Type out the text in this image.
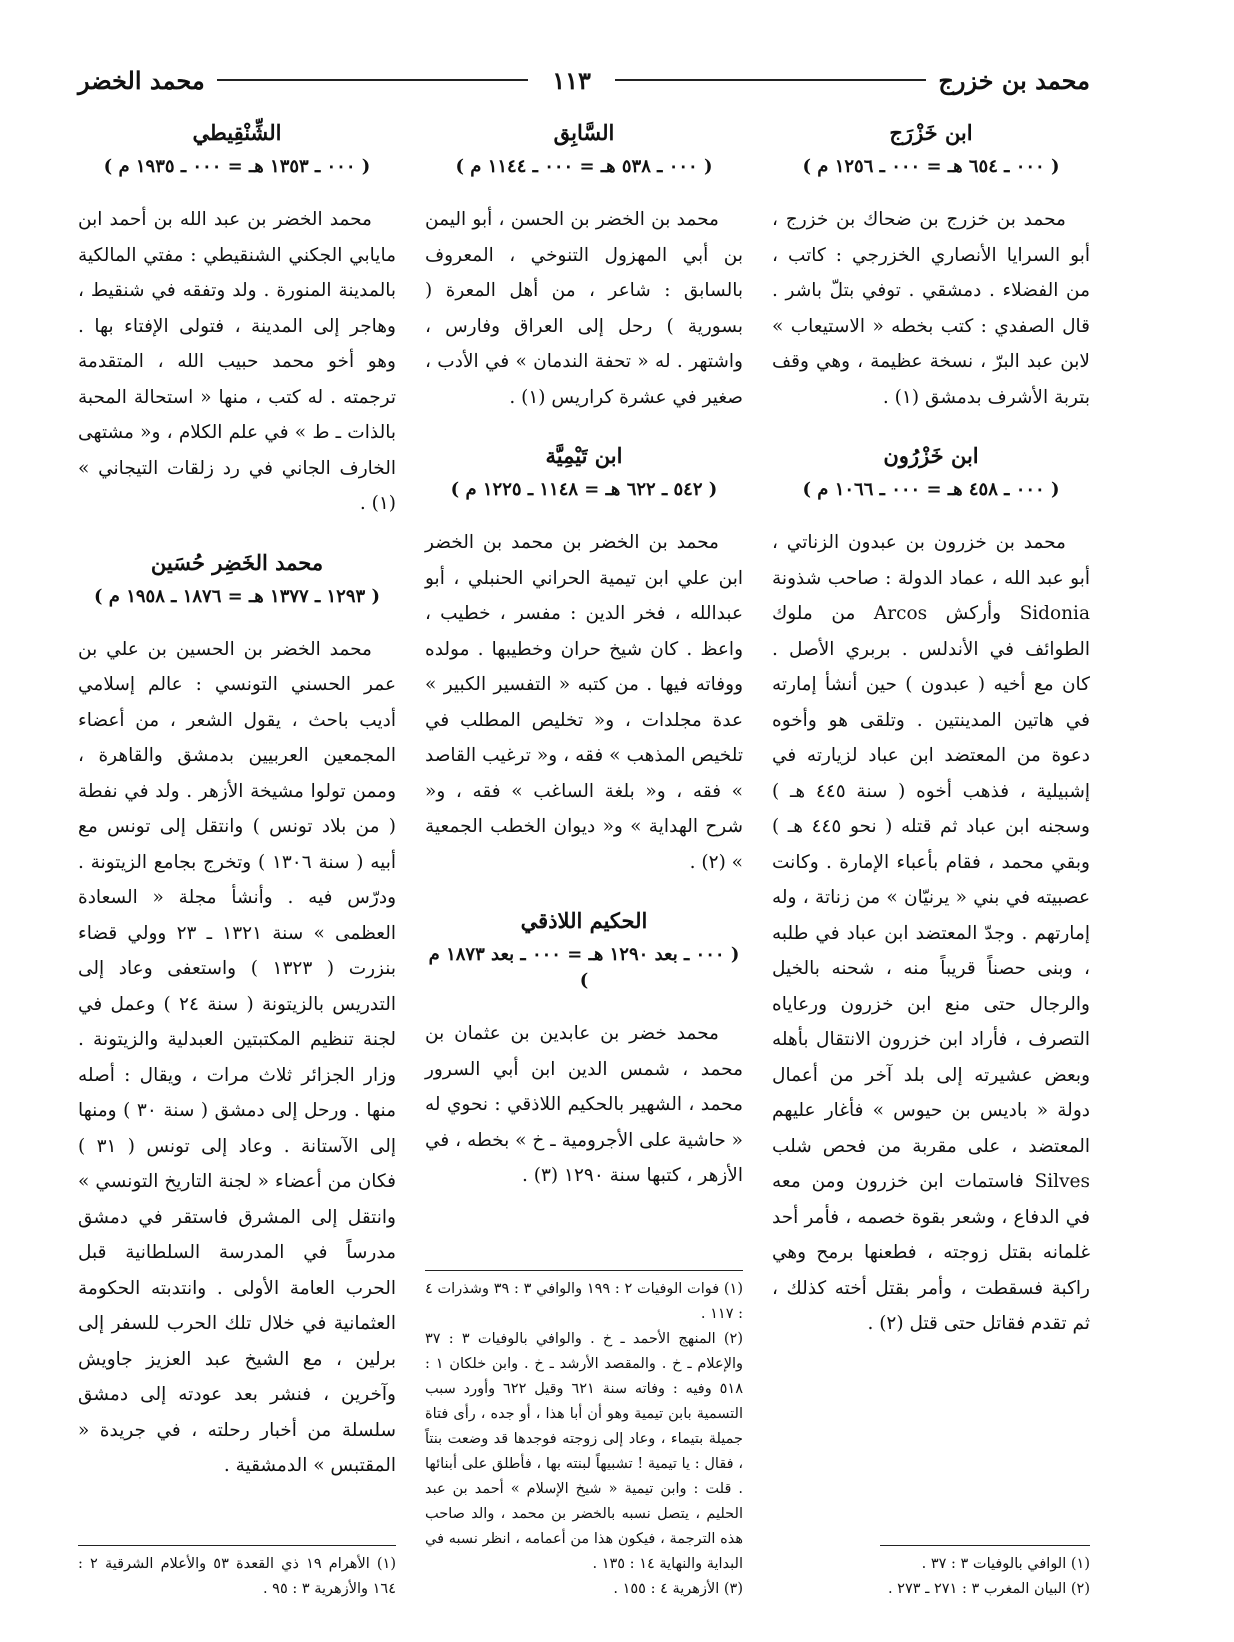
محمد بن خزرج
١١٣
محمد الخضر
ابن خَزْرَج
( ٠٠٠ ـ ٦٥٤ هـ = ٠٠٠ ـ ١٢٥٦ م )

محمد بن خزرج بن ضحاك بن خزرج ، أبو السرايا الأنصاري الخزرجي : كاتب ، من الفضلاء . دمشقي . توفي بتلّ باشر . قال الصفدي : كتب بخطه « الاستيعاب » لابن عبد البرّ ، نسخة عظيمة ، وهي وقف بتربة الأشرف بدمشق (١) .

ابن خَزْرُون
( ٠٠٠ ـ ٤٥٨ هـ = ٠٠٠ ـ ١٠٦٦ م )

محمد بن خزرون بن عبدون الزناتي ، أبو عبد الله ، عماد الدولة : صاحب شذونة Sidonia وأركش Arcos من ملوك الطوائف في الأندلس . بربري الأصل . كان مع أخيه ( عبدون ) حين أنشأ إمارته في هاتين المدينتين . وتلقى هو وأخوه دعوة من المعتضد ابن عباد لزيارته في إشبيلية ، فذهب أخوه ( سنة ٤٤٥ هـ ) وسجنه ابن عباد ثم قتله ( نحو ٤٤٥ هـ ) وبقي محمد ، فقام بأعباء الإمارة . وكانت عصبيته في بني « يرنيّان » من زناتة ، وله إمارتهم . وجدّ المعتضد ابن عباد في طلبه ، وبنى حصناً قريباً منه ، شحنه بالخيل والرجال حتى منع ابن خزرون ورعاياه التصرف ، فأراد ابن خزرون الانتقال بأهله وبعض عشيرته إلى بلد آخر من أعمال دولة « باديس بن حيوس » فأغار عليهم المعتضد ، على مقربة من فحص شلب Silves فاستمات ابن خزرون ومن معه في الدفاع ، وشعر بقوة خصمه ، فأمر أحد غلمانه بقتل زوجته ، فطعنها برمح وهي راكبة فسقطت ، وأمر بقتل أخته كذلك ، ثم تقدم فقاتل حتى قتل (٢) .

(١) الوافي بالوفيات ٣ : ٣٧ .

(٢) البيان المغرب ٣ : ٢٧١ ـ ٢٧٣ .

السَّابِق
( ٠٠٠ ـ ٥٣٨ هـ = ٠٠٠ ـ ١١٤٤ م )

محمد بن الخضر بن الحسن ، أبو اليمن بن أبي المهزول التنوخي ، المعروف بالسابق : شاعر ، من أهل المعرة ( بسورية ) رحل إلى العراق وفارس ، واشتهر . له « تحفة الندمان » في الأدب ، صغير في عشرة كراريس (١) .

ابن تَيْمِيَّة
( ٥٤٢ ـ ٦٢٢ هـ = ١١٤٨ ـ ١٢٢٥ م )

محمد بن الخضر بن محمد بن الخضر ابن علي ابن تيمية الحراني الحنبلي ، أبو عبدالله ، فخر الدين : مفسر ، خطيب ، واعظ . كان شيخ حران وخطيبها . مولده ووفاته فيها . من كتبه « التفسير الكبير » عدة مجلدات ، و« تخليص المطلب في تلخيص المذهب » فقه ، و« ترغيب القاصد » فقه ، و« بلغة الساغب » فقه ، و« شرح الهداية » و« ديوان الخطب الجمعية » (٢) .

الحكيم اللاذقي
( ٠٠٠ ـ بعد ١٢٩٠ هـ = ٠٠٠ ـ بعد ١٨٧٣ م )

محمد خضر بن عابدين بن عثمان بن محمد ، شمس الدين ابن أبي السرور محمد ، الشهير بالحكيم اللاذقي : نحوي له « حاشية على الأجرومية ـ خ » بخطه ، في الأزهر ، كتبها سنة ١٢٩٠ (٣) .

(١) فوات الوفيات ٢ : ١٩٩ والوافي ٣ : ٣٩ وشذرات ٤ : ١١٧ .

(٢) المنهج الأحمد ـ خ . والوافي بالوفيات ٣ : ٣٧ والإعلام ـ خ . والمقصد الأرشد ـ خ . وابن خلكان ١ : ٥١٨ وفيه : وفاته سنة ٦٢١ وقيل ٦٢٢ وأورد سبب التسمية بابن تيمية وهو أن أبا هذا ، أو جده ، رأى فتاة جميلة بتيماء ، وعاد إلى زوجته فوجدها قد وضعت بنتاً ، فقال : يا تيمية ! تشبيهاً لبنته بها ، فأطلق على أبنائها . قلت : وابن تيمية « شيخ الإسلام » أحمد بن عبد الحليم ، يتصل نسبه بالخضر بن محمد ، والد صاحب هذه الترجمة ، فيكون هذا من أعمامه ، انظر نسبه في البداية والنهاية ١٤ : ١٣٥ .

(٣) الأزهرية ٤ : ١٥٥ .

الشِّنْقِيطي
( ٠٠٠ ـ ١٣٥٣ هـ = ٠٠٠ ـ ١٩٣٥ م )

محمد الخضر بن عبد الله بن أحمد ابن مايابي الجكني الشنقيطي : مفتي المالكية بالمدينة المنورة . ولد وتفقه في شنقيط ، وهاجر إلى المدينة ، فتولى الإفتاء بها . وهو أخو محمد حبيب الله ، المتقدمة ترجمته . له كتب ، منها « استحالة المحبة بالذات ـ ط » في علم الكلام ، و« مشتهى الخارف الجاني في رد زلقات التيجاني » (١) .

محمد الخَضِر حُسَين
( ١٢٩٣ ـ ١٣٧٧ هـ = ١٨٧٦ ـ ١٩٥٨ م )

محمد الخضر بن الحسين بن علي بن عمر الحسني التونسي : عالم إسلامي أديب باحث ، يقول الشعر ، من أعضاء المجمعين العربيين بدمشق والقاهرة ، وممن تولوا مشيخة الأزهر . ولد في نفطة ( من بلاد تونس ) وانتقل إلى تونس مع أبيه ( سنة ١٣٠٦ ) وتخرج بجامع الزيتونة . ودرّس فيه . وأنشأ مجلة « السعادة العظمى » سنة ١٣٢١ ـ ٢٣ وولي قضاء بنزرت ( ١٣٢٣ ) واستعفى وعاد إلى التدريس بالزيتونة ( سنة ٢٤ ) وعمل في لجنة تنظيم المكتبتين العبدلية والزيتونة . وزار الجزائر ثلاث مرات ، ويقال : أصله منها . ورحل إلى دمشق ( سنة ٣٠ ) ومنها إلى الآستانة . وعاد إلى تونس ( ٣١ ) فكان من أعضاء « لجنة التاريخ التونسي » وانتقل إلى المشرق فاستقر في دمشق مدرساً في المدرسة السلطانية قبل الحرب العامة الأولى . وانتدبته الحكومة العثمانية في خلال تلك الحرب للسفر إلى برلين ، مع الشيخ عبد العزيز جاويش وآخرين ، فنشر بعد عودته إلى دمشق سلسلة من أخبار رحلته ، في جريدة « المقتبس » الدمشقية .

(١) الأهرام ١٩ ذي القعدة ٥٣ والأعلام الشرقية ٢ : ١٦٤ والأزهرية ٣ : ٩٥ .
